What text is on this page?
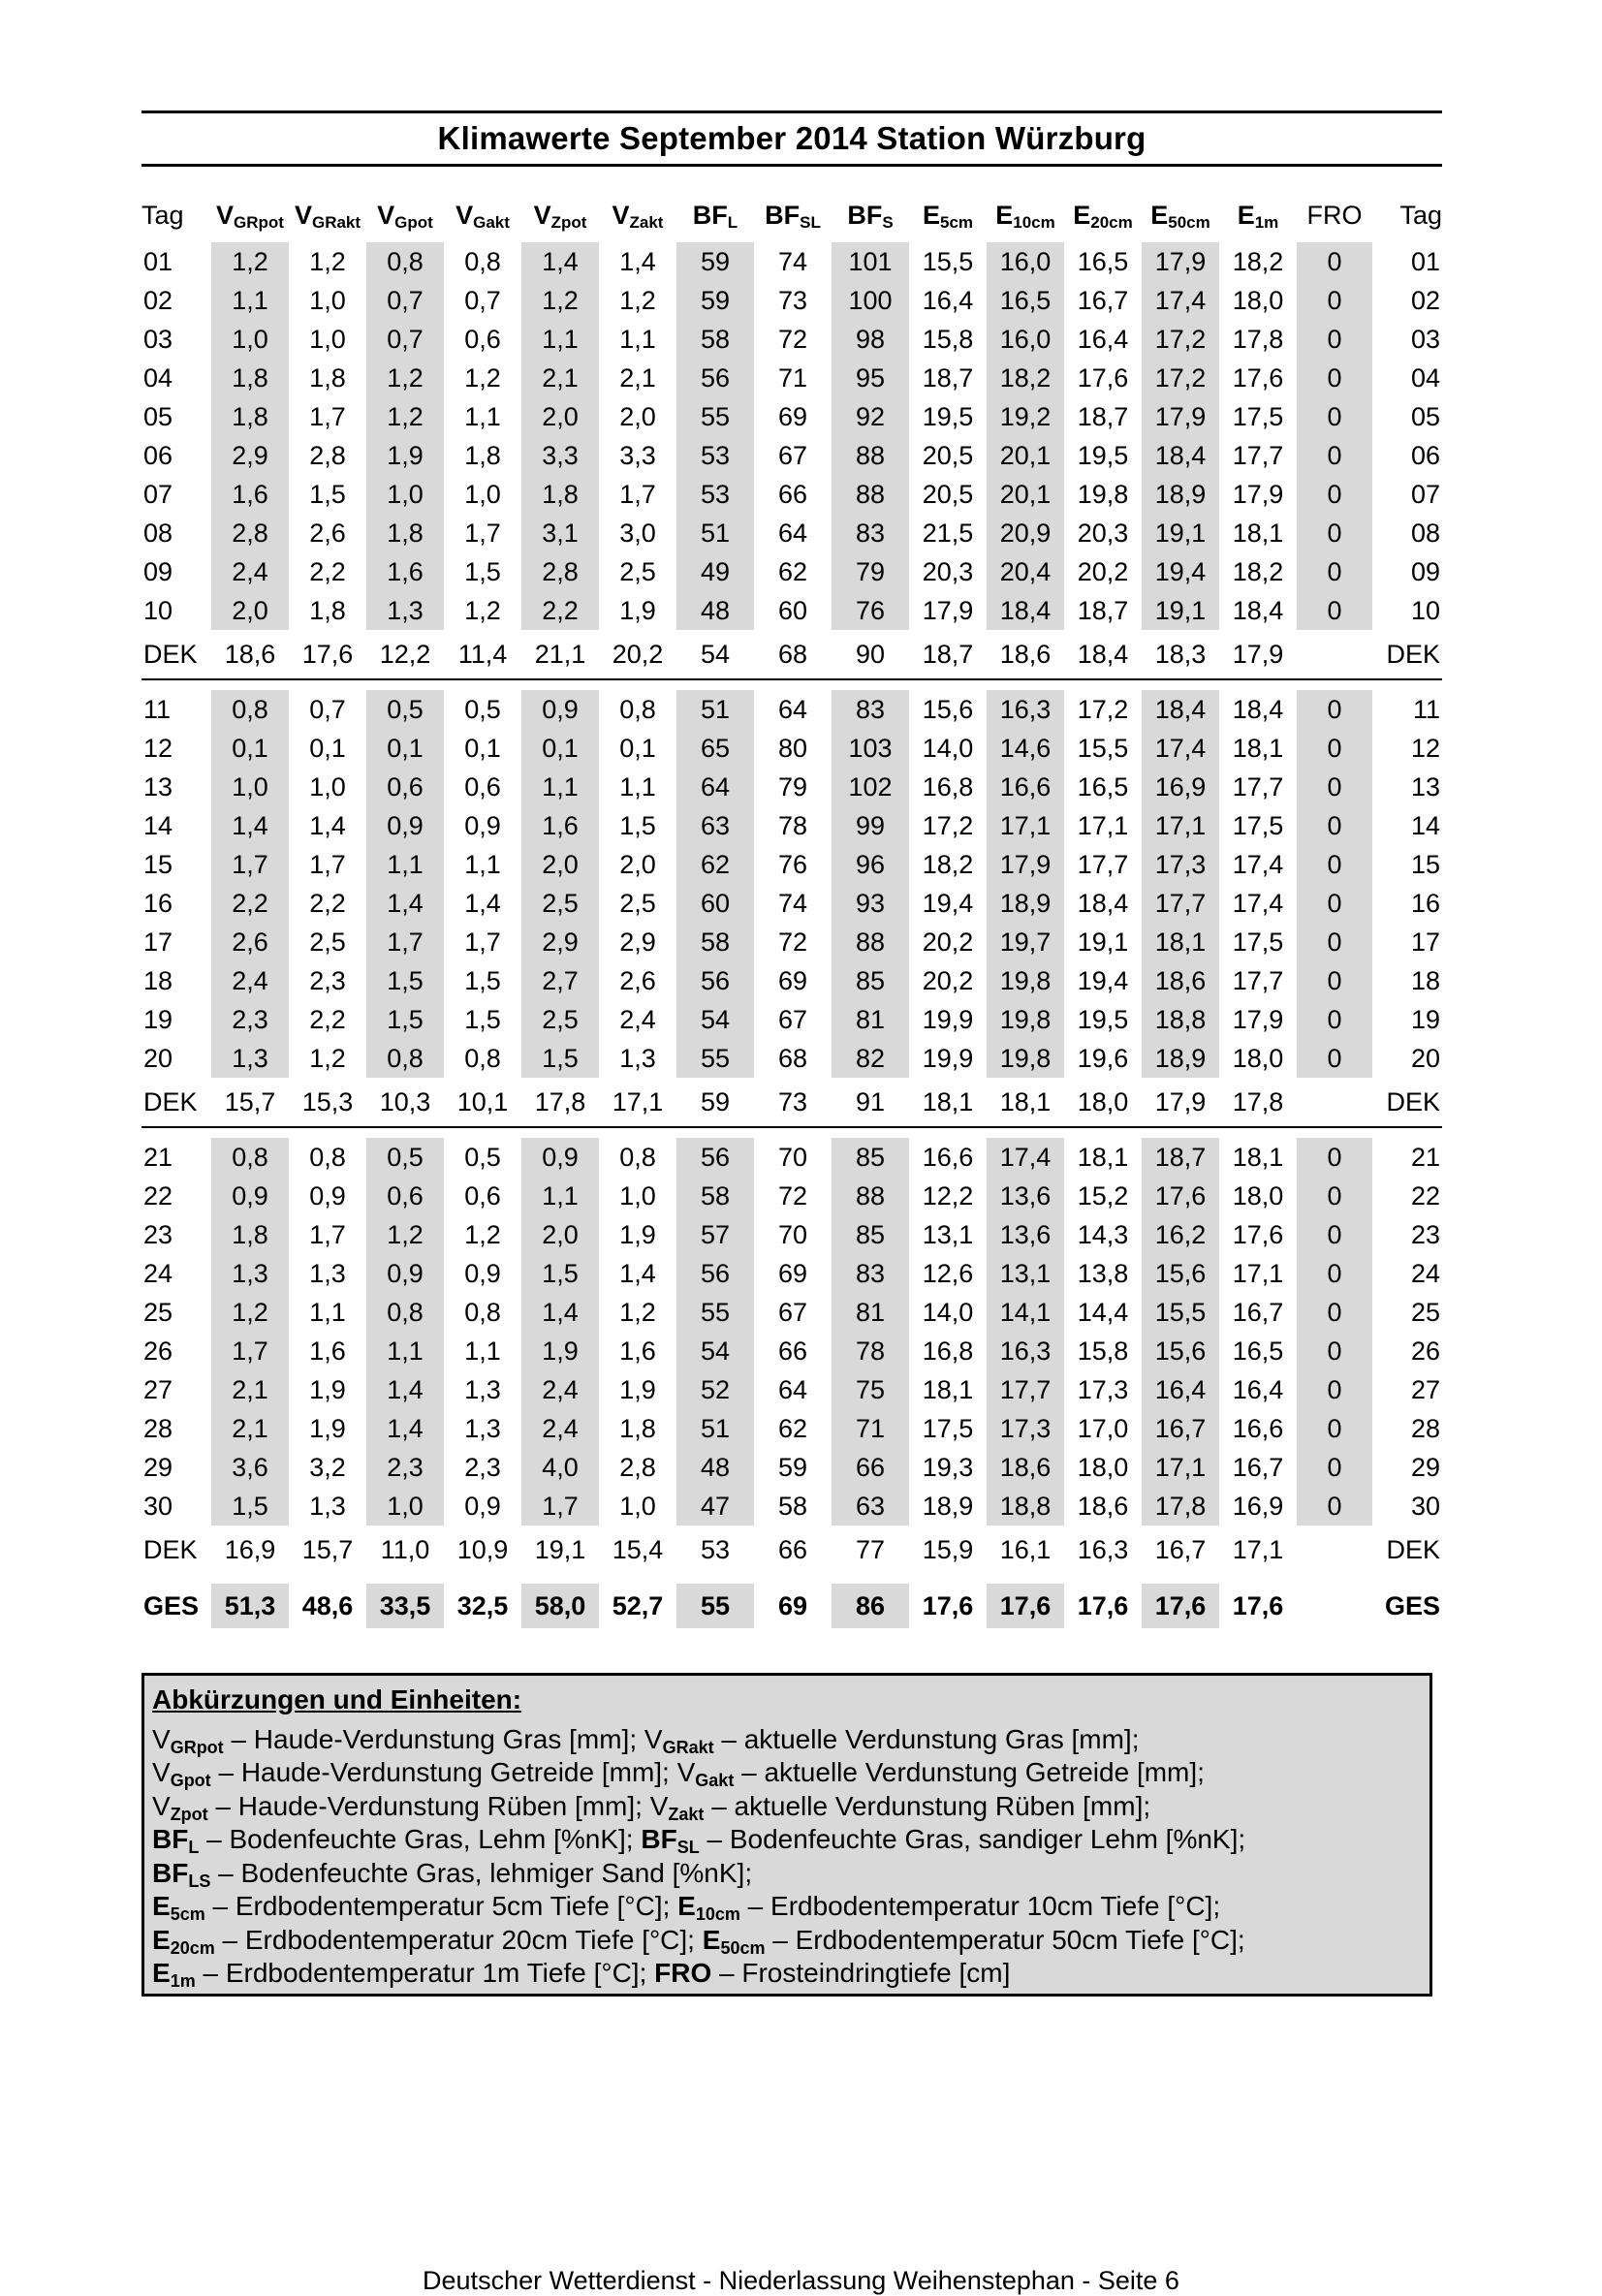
Klimawerte September 2014 Station Würzburg
Tag	$V_{GRpot}$	$V_{GRakt}$	$V_{Gpot}$	$V_{Gakt}$	$V_{Zpot}$	$V_{Zakt}$	$BF_L$	$BF_{SL}$	$BF_S$	$E_{5cm}$	$E_{10cm}$	$E_{20cm}$	$E_{50cm}$	$E_{1m}$	FRO	Tag

01	1,2	1,2	0,8	0,8	1,4	1,4	59	74	101	15,5	16,0	16,5	17,9	18,2	0	01
02	1,1	1,0	0,7	0,7	1,2	1,2	59	73	100	16,4	16,5	16,7	17,4	18,0	0	02
03	1,0	1,0	0,7	0,6	1,1	1,1	58	72	98	15,8	16,0	16,4	17,2	17,8	0	03
04	1,8	1,8	1,2	1,2	2,1	2,1	56	71	95	18,7	18,2	17,6	17,2	17,6	0	04
05	1,8	1,7	1,2	1,1	2,0	2,0	55	69	92	19,5	19,2	18,7	17,9	17,5	0	05
06	2,9	2,8	1,9	1,8	3,3	3,3	53	67	88	20,5	20,1	19,5	18,4	17,7	0	06
07	1,6	1,5	1,0	1,0	1,8	1,7	53	66	88	20,5	20,1	19,8	18,9	17,9	0	07
08	2,8	2,6	1,8	1,7	3,1	3,0	51	64	83	21,5	20,9	20,3	19,1	18,1	0	08
09	2,4	2,2	1,6	1,5	2,8	2,5	49	62	79	20,3	20,4	20,2	19,4	18,2	0	09
10	2,0	1,8	1,3	1,2	2,2	1,9	48	60	76	17,9	18,4	18,7	19,1	18,4	0	10
DEK	18,6	17,6	12,2	11,4	21,1	20,2	54	68	90	18,7	18,6	18,4	18,3	17,9		DEK

11	0,8	0,7	0,5	0,5	0,9	0,8	51	64	83	15,6	16,3	17,2	18,4	18,4	0	11
12	0,1	0,1	0,1	0,1	0,1	0,1	65	80	103	14,0	14,6	15,5	17,4	18,1	0	12
13	1,0	1,0	0,6	0,6	1,1	1,1	64	79	102	16,8	16,6	16,5	16,9	17,7	0	13
14	1,4	1,4	0,9	0,9	1,6	1,5	63	78	99	17,2	17,1	17,1	17,1	17,5	0	14
15	1,7	1,7	1,1	1,1	2,0	2,0	62	76	96	18,2	17,9	17,7	17,3	17,4	0	15
16	2,2	2,2	1,4	1,4	2,5	2,5	60	74	93	19,4	18,9	18,4	17,7	17,4	0	16
17	2,6	2,5	1,7	1,7	2,9	2,9	58	72	88	20,2	19,7	19,1	18,1	17,5	0	17
18	2,4	2,3	1,5	1,5	2,7	2,6	56	69	85	20,2	19,8	19,4	18,6	17,7	0	18
19	2,3	2,2	1,5	1,5	2,5	2,4	54	67	81	19,9	19,8	19,5	18,8	17,9	0	19
20	1,3	1,2	0,8	0,8	1,5	1,3	55	68	82	19,9	19,8	19,6	18,9	18,0	0	20
DEK	15,7	15,3	10,3	10,1	17,8	17,1	59	73	91	18,1	18,1	18,0	17,9	17,8		DEK

21	0,8	0,8	0,5	0,5	0,9	0,8	56	70	85	16,6	17,4	18,1	18,7	18,1	0	21
22	0,9	0,9	0,6	0,6	1,1	1,0	58	72	88	12,2	13,6	15,2	17,6	18,0	0	22
23	1,8	1,7	1,2	1,2	2,0	1,9	57	70	85	13,1	13,6	14,3	16,2	17,6	0	23
24	1,3	1,3	0,9	0,9	1,5	1,4	56	69	83	12,6	13,1	13,8	15,6	17,1	0	24
25	1,2	1,1	0,8	0,8	1,4	1,2	55	67	81	14,0	14,1	14,4	15,5	16,7	0	25
26	1,7	1,6	1,1	1,1	1,9	1,6	54	66	78	16,8	16,3	15,8	15,6	16,5	0	26
27	2,1	1,9	1,4	1,3	2,4	1,9	52	64	75	18,1	17,7	17,3	16,4	16,4	0	27
28	2,1	1,9	1,4	1,3	2,4	1,8	51	62	71	17,5	17,3	17,0	16,7	16,6	0	28
29	3,6	3,2	2,3	2,3	4,0	2,8	48	59	66	19,3	18,6	18,0	17,1	16,7	0	29
30	1,5	1,3	1,0	0,9	1,7	1,0	47	58	63	18,9	18,8	18,6	17,8	16,9	0	30
DEK	16,9	15,7	11,0	10,9	19,1	15,4	53	66	77	15,9	16,1	16,3	16,7	17,1		DEK

GES	51,3	48,6	33,5	32,5	58,0	52,7	55	69	86	17,6	17,6	17,6	17,6	17,6		GES
Abkürzungen und Einheiten:
$V_{GRpot}$ – Haude-Verdunstung Gras [mm]; $V_{GRakt}$ – aktuelle Verdunstung Gras [mm];
$V_{Gpot}$ – Haude-Verdunstung Getreide [mm]; $V_{Gakt}$ – aktuelle Verdunstung Getreide [mm];
$V_{Zpot}$ – Haude-Verdunstung Rüben [mm]; $V_{Zakt}$ – aktuelle Verdunstung Rüben [mm];
$BF_L$ – Bodenfeuchte Gras, Lehm [%nK]; $BF_{SL}$ – Bodenfeuchte Gras, sandiger Lehm [%nK];
$BF_{LS}$ – Bodenfeuchte Gras, lehmiger Sand [%nK];
$E_{5cm}$ – Erdbodentemperatur 5cm Tiefe [°C]; $E_{10cm}$ – Erdbodentemperatur 10cm Tiefe [°C];
$E_{20cm}$ – Erdbodentemperatur 20cm Tiefe [°C]; $E_{50cm}$ – Erdbodentemperatur 50cm Tiefe [°C];
$E_{1m}$ – Erdbodentemperatur 1m Tiefe [°C]; FRO – Frosteindringtiefe [cm]
Deutscher Wetterdienst - Niederlassung Weihenstephan - Seite 6
